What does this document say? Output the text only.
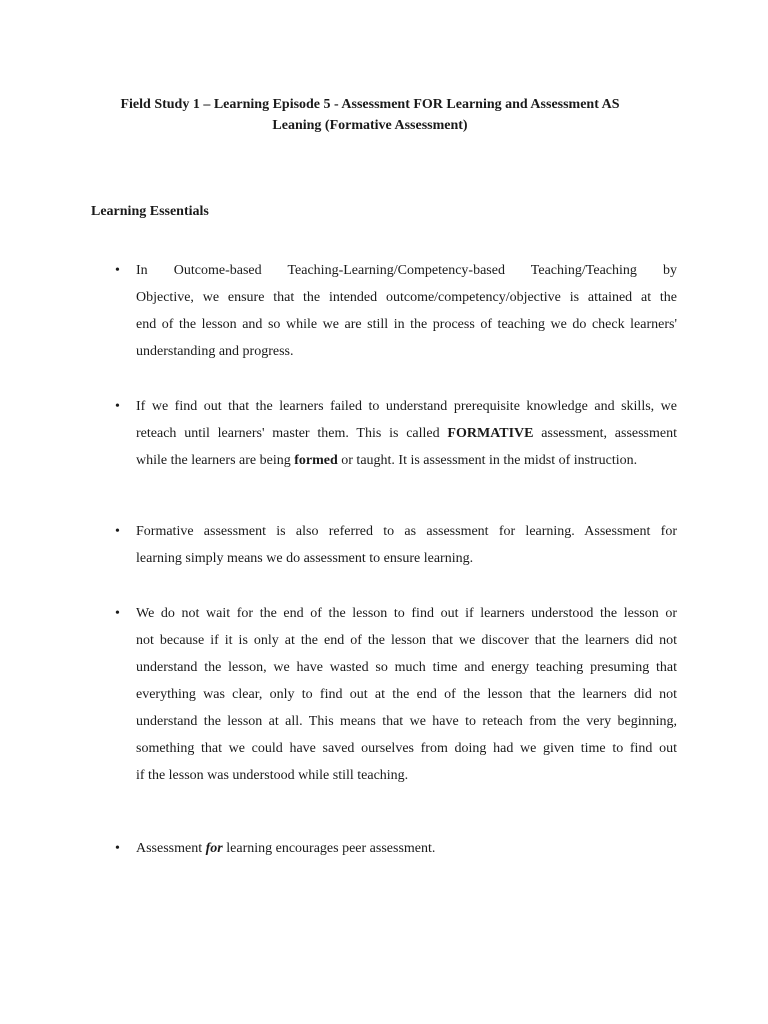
Field Study 1 – Learning Episode 5 - Assessment FOR Learning and Assessment AS
Leaning (Formative Assessment)
Learning Essentials
• In Outcome-based Teaching-Learning/Competency-based Teaching/Teaching by
Objective, we ensure that the intended outcome/competency/objective is attained at the
end of the lesson and so while we are still in the process of teaching we do check learners'
understanding and progress.
• If we find out that the learners failed to understand prerequisite knowledge and skills, we
reteach until learners' master them. This is called FORMATIVE assessment, assessment
while the learners are being formed or taught. It is assessment in the midst of instruction.
• Formative assessment is also referred to as assessment for learning. Assessment for
learning simply means we do assessment to ensure learning.
• We do not wait for the end of the lesson to find out if learners understood the lesson or
not because if it is only at the end of the lesson that we discover that the learners did not
understand the lesson, we have wasted so much time and energy teaching presuming that
everything was clear, only to find out at the end of the lesson that the learners did not
understand the lesson at all. This means that we have to reteach from the very beginning,
something that we could have saved ourselves from doing had we given time to find out
if the lesson was understood while still teaching.
• Assessment for learning encourages peer assessment.
